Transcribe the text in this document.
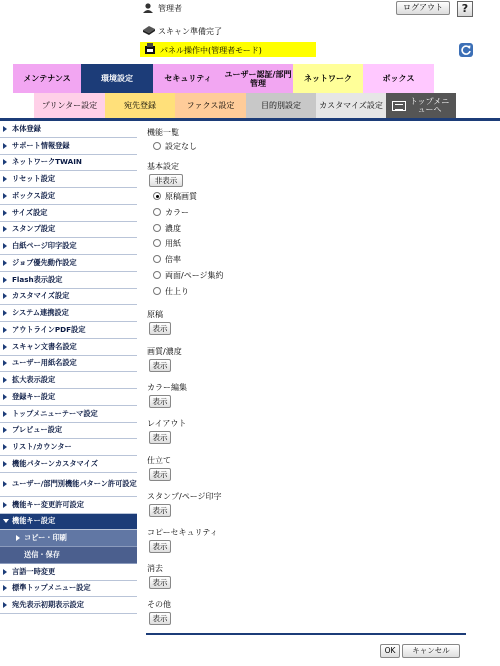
管理者	ログアウト	?
スキャン準備完了
パネル操作中(管理者モード)
メンテナンス	環境設定	セキュリティ ユーザー認証/部門管理	ネットワーク	ボックス
プリンター設定	宛先登録	ファクス設定	目的別設定 カスタマイズ設定	トップメニューへ
本体登録
サポート情報登録
ネットワークTWAIN
リセット設定
ボックス設定
サイズ設定
スタンプ設定
白紙ページ印字設定
ジョブ優先動作設定
Flash表示設定
カスタマイズ設定
システム連携設定
アウトラインPDF設定
スキャン文書名設定
ユーザー用紙名設定
拡大表示設定
登録キー設定
トップメニューテーマ設定
プレビュー設定
リスト/カウンター
機能パターンカスタマイズ
ユーザー/部門別機能パターン許可設定
機能キー変更許可設定
機能キー設定
コピー・印刷
送信・保存
言語一時変更
標準トップメニュー設定
宛先表示初期表示設定
機能一覧
設定なし
基本設定
非表示
原稿画質
カラー
濃度
用紙
倍率
両面/ページ集約
仕上り
原稿
表示
画質/濃度
表示
カラー編集
表示
レイアウト
表示
仕立て
表示
スタンプ/ページ印字
表示
コピーセキュリティ
表示
消去
表示
その他
表示
OK	キャンセル
